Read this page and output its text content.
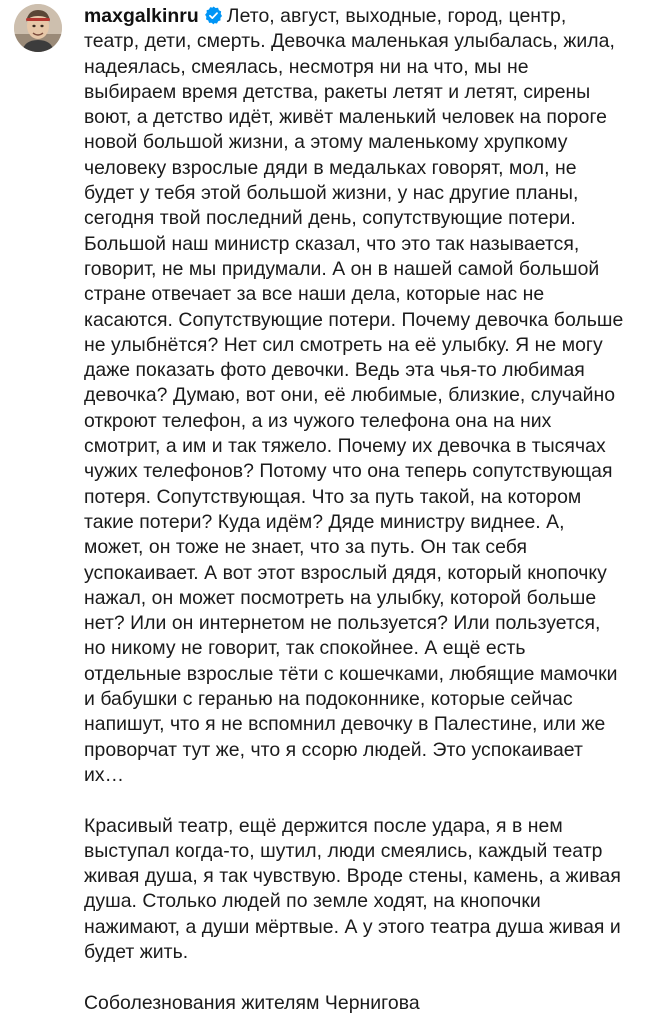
maxgalkinru Лето, август, выходные, город, центр, театр, дети, смерть. Девочка маленькая улыбалась, жила, надеялась, смеялась, несмотря ни на что, мы не выбираем время детства, ракеты летят и летят, сирены воют, а детство идёт, живёт маленький человек на пороге новой большой жизни, а этому маленькому хрупкому человеку взрослые дяди в медальках говорят, мол, не будет у тебя этой большой жизни, у нас другие планы, сегодня твой последний день, сопутствующие потери. Большой наш министр сказал, что это так называется, говорит, не мы придумали. А он в нашей самой большой стране отвечает за все наши дела, которые нас не касаются. Сопутствующие потери. Почему девочка больше не улыбнётся? Нет сил смотреть на её улыбку. Я не могу даже показать фото девочки. Ведь эта чья-то любимая девочка? Думаю, вот они, её любимые, близкие, случайно откроют телефон, а из чужого телефона она на них смотрит, а им и так тяжело. Почему их девочка в тысячах чужих телефонов? Потому что она теперь сопутствующая потеря. Сопутствующая. Что за путь такой, на котором такие потери? Куда идём? Дяде министру виднее. А, может, он тоже не знает, что за путь. Он так себя успокаивает. А вот этот взрослый дядя, который кнопочку нажал, он может посмотреть на улыбку, которой больше нет? Или он интернетом не пользуется? Или пользуется, но никому не говорит, так спокойнее. А ещё есть отдельные взрослые тёти с кошечками, любящие мамочки и бабушки с геранью на подоконнике, которые сейчас напишут, что я не вспомнил девочку в Палестине, или же проворчат тут же, что я ссорю людей. Это успокаивает их…

Красивый театр, ещё держится после удара, я в нем выступал когда-то, шутил, люди смеялись, каждый театр живая душа, я так чувствую. Вроде стены, камень, а живая душа. Столько людей по земле ходят, на кнопочки нажимают, а души мёртвые. А у этого театра душа живая и будет жить.

Соболезнования жителям Чернигова
